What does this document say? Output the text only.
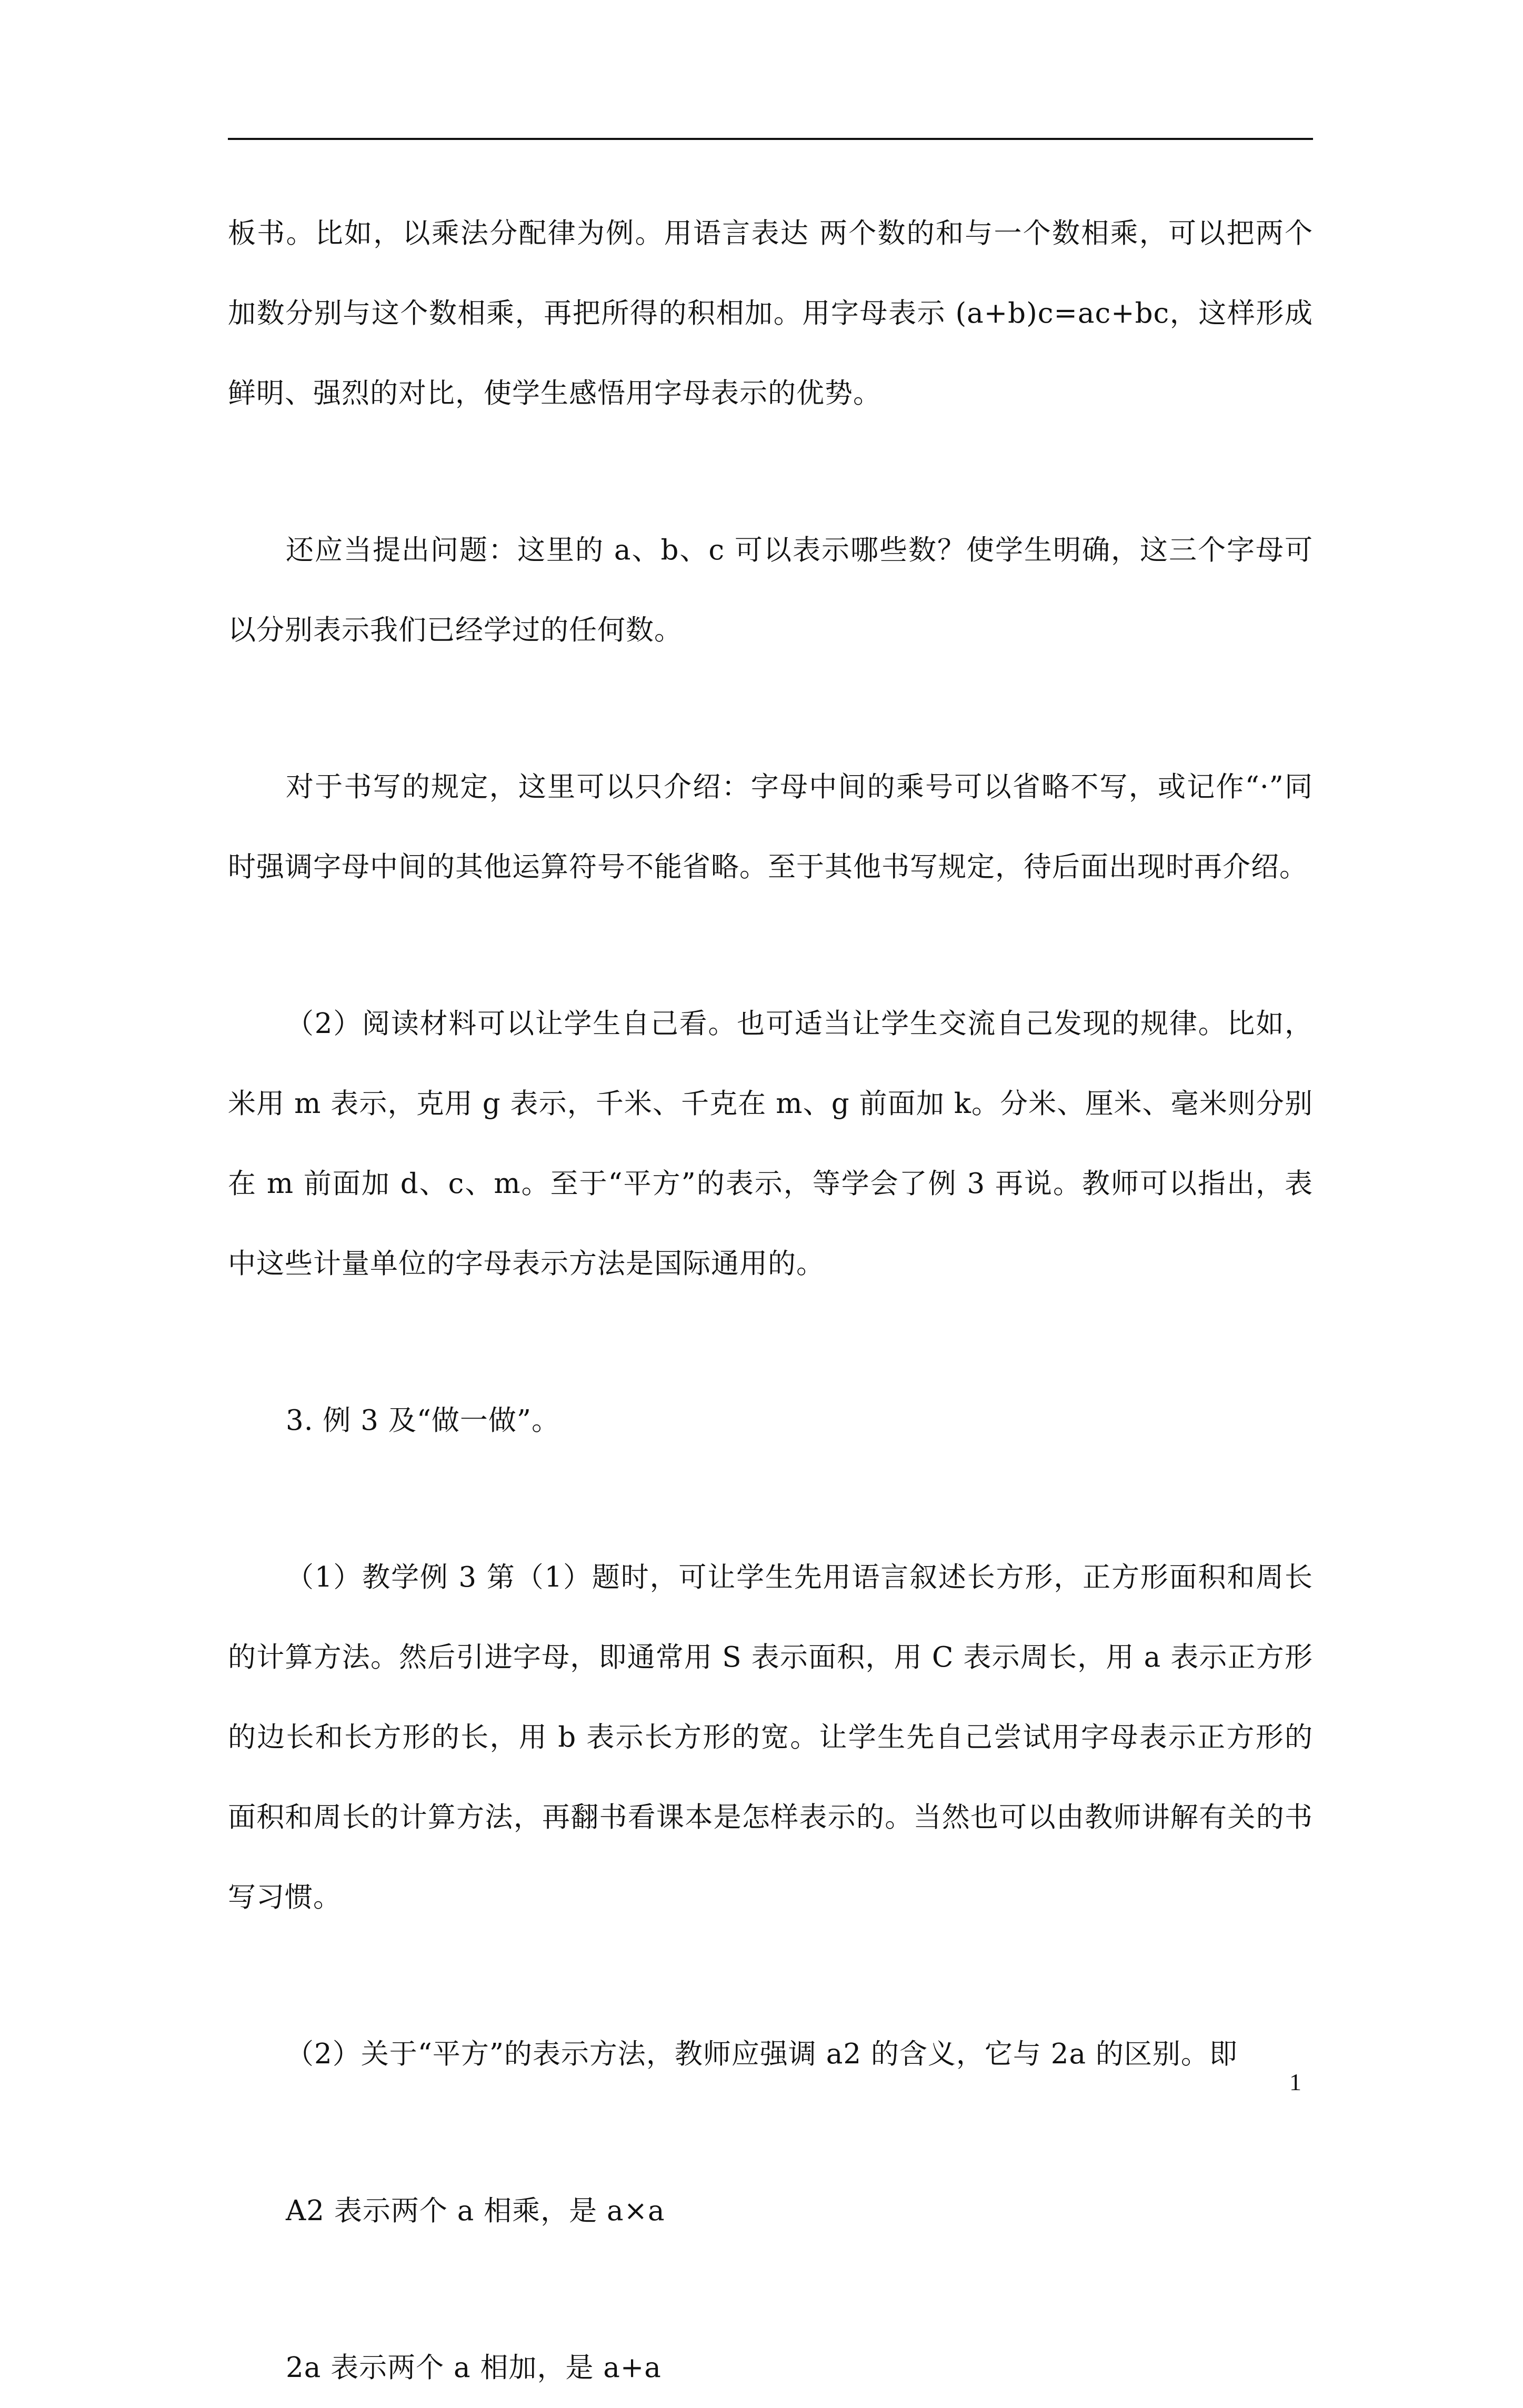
板书。比如，以乘法分配律为例。用语言表达 两个数的和与一个数相乘，可以把两个加数分别与这个数相乘，再把所得的积相加。用字母表示 (a+b)c=ac+bc，这样形成鲜明、强烈的对比，使学生感悟用字母表示的优势。

还应当提出问题：这里的 a、b、c 可以表示哪些数？使学生明确，这三个字母可以分别表示我们已经学过的任何数。

对于书写的规定，这里可以只介绍：字母中间的乘号可以省略不写，或记作“·”同时强调字母中间的其他运算符号不能省略。至于其他书写规定，待后面出现时再介绍。

（2）阅读材料可以让学生自己看。也可适当让学生交流自己发现的规律。比如，米用 m 表示，克用 g 表示，千米、千克在 m、g 前面加 k。分米、厘米、毫米则分别在 m 前面加 d、c、m。至于“平方”的表示，等学会了例 3 再说。教师可以指出，表中这些计量单位的字母表示方法是国际通用的。

3. 例 3 及“做一做”。

（1）教学例 3 第（1）题时，可让学生先用语言叙述长方形，正方形面积和周长的计算方法。然后引进字母，即通常用 S 表示面积，用 C 表示周长，用 a 表示正方形的边长和长方形的长，用 b 表示长方形的宽。让学生先自己尝试用字母表示正方形的面积和周长的计算方法，再翻书看课本是怎样表示的。当然也可以由教师讲解有关的书写习惯。

（2）关于“平方”的表示方法，教师应强调 a2 的含义，它与 2a 的区别。即

A2 表示两个 a 相乘，是 a×a

2a 表示两个 a 相加，是 a+a

1
